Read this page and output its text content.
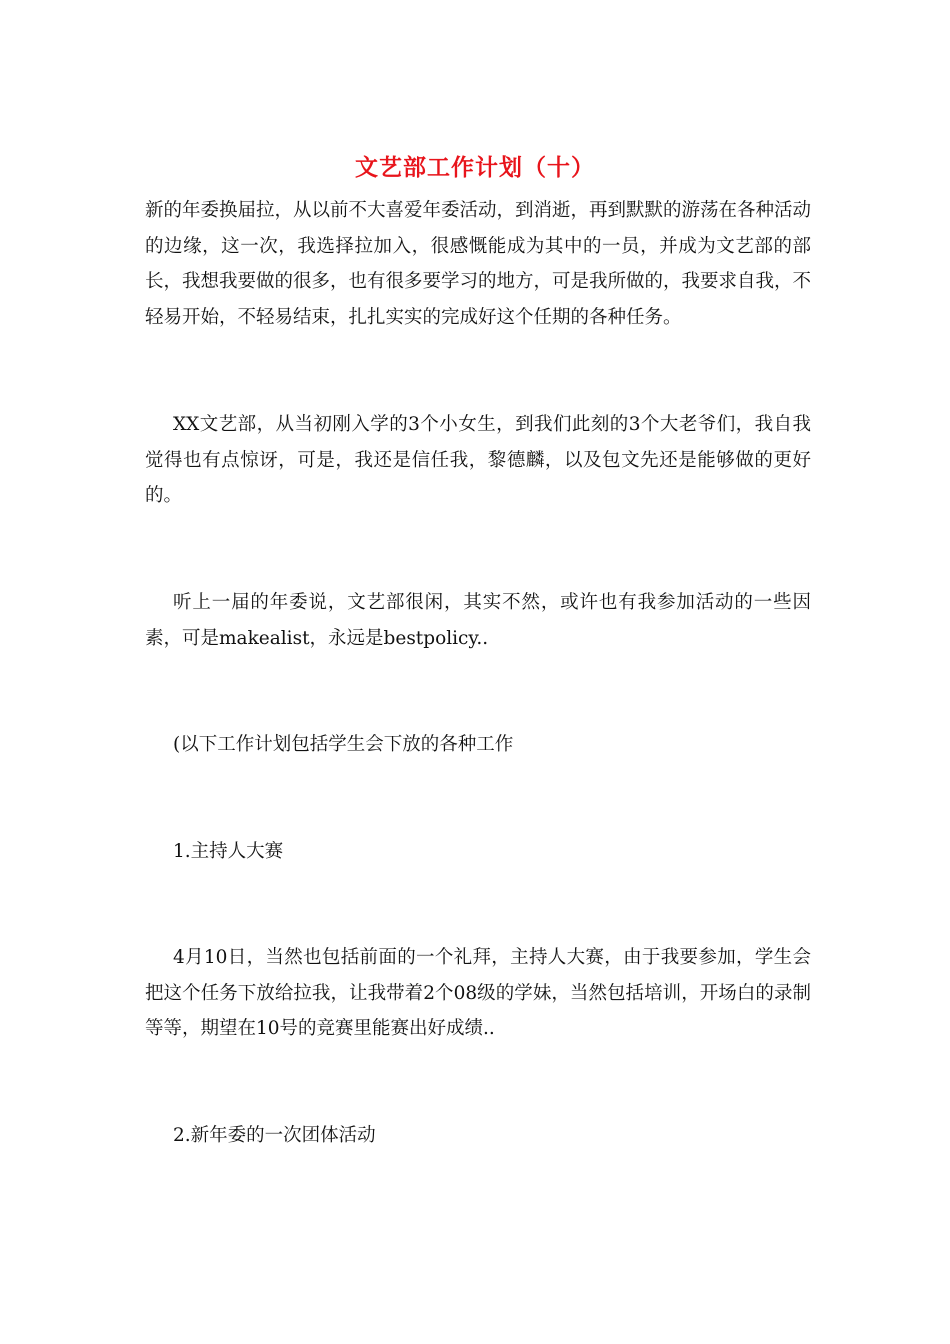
文艺部工作计划（十）

新的年委换届拉，从以前不大喜爱年委活动，到消逝，再到默默的游荡在各种活动的边缘，这一次，我选择拉加入，很感慨能成为其中的一员，并成为文艺部的部长，我想我要做的很多，也有很多要学习的地方，可是我所做的，我要求自我，不轻易开始，不轻易结束，扎扎实实的完成好这个任期的各种任务。

XX文艺部，从当初刚入学的3个小女生，到我们此刻的3个大老爷们，我自我觉得也有点惊讶，可是，我还是信任我，黎德麟，以及包文先还是能够做的更好的。

听上一届的年委说，文艺部很闲，其实不然，或许也有我参加活动的一些因素，可是makealist，永远是bestpolicy..

(以下工作计划包括学生会下放的各种工作

1.主持人大赛

4月10日，当然也包括前面的一个礼拜，主持人大赛，由于我要参加，学生会把这个任务下放给拉我，让我带着2个08级的学妹，当然包括培训，开场白的录制等等，期望在10号的竞赛里能赛出好成绩..

2.新年委的一次团体活动
